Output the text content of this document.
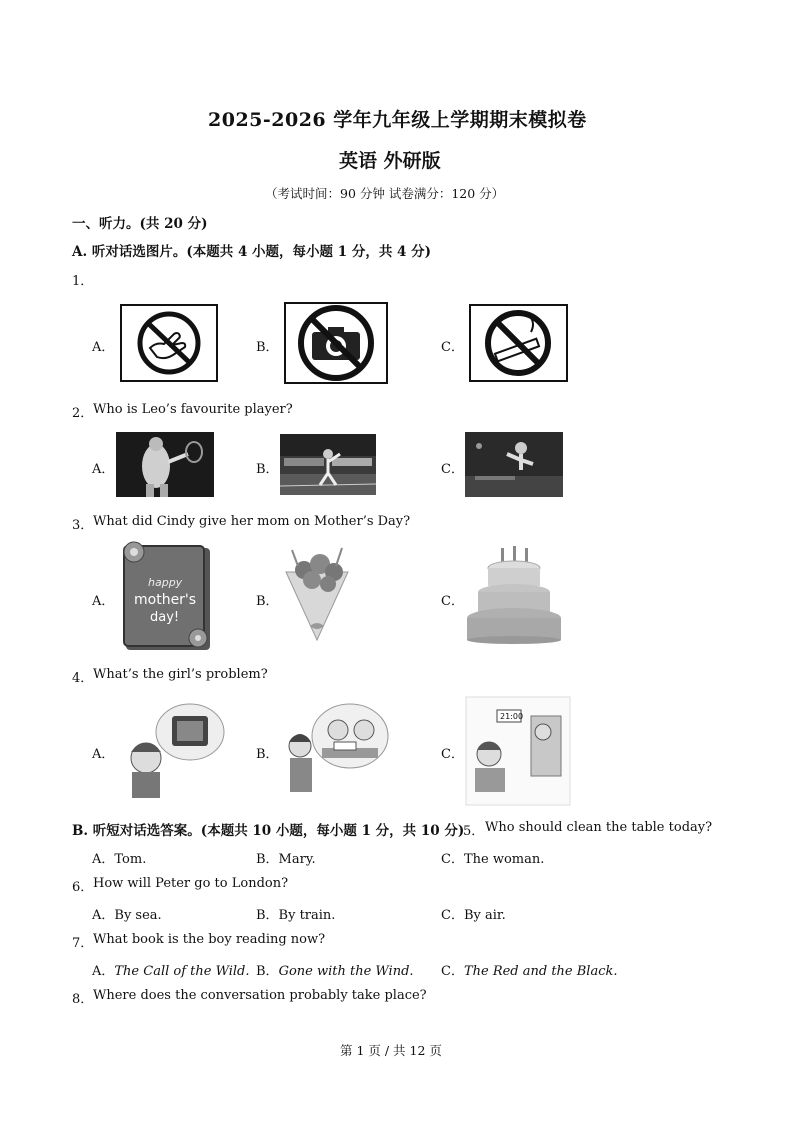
2025-2026 学年九年级上学期期末模拟卷
英语 外研版
（考试时间：90 分钟 试卷满分：120 分）
一、听力。(共 20 分)
A. 听对话选图片。(本题共 4 小题，每小题 1 分，共 4 分)
1．
A．	B．	C．
2． Who is Leo’s favourite player?
A．	B．	C．
3． What did Cindy give her mom on Mother’s Day?
A．	B．	C．
happy
mother's
day!
4． What’s the girl’s problem?
A．	B．	C．
21:00
B. 听短对话选答案。(本题共 10 小题，每小题 1 分，共 10 分)
5． Who should clean the table today?
A．Tom.	B．Mary.	C．The woman.
6． How will Peter go to London?
A．By sea.	B．By train.	C．By air.
7． What book is the boy reading now?
A．The Call of the Wild. B．Gone with the Wind. C．The Red and the Black.
8． Where does the conversation probably take place?
第 1 页 / 共 12 页
